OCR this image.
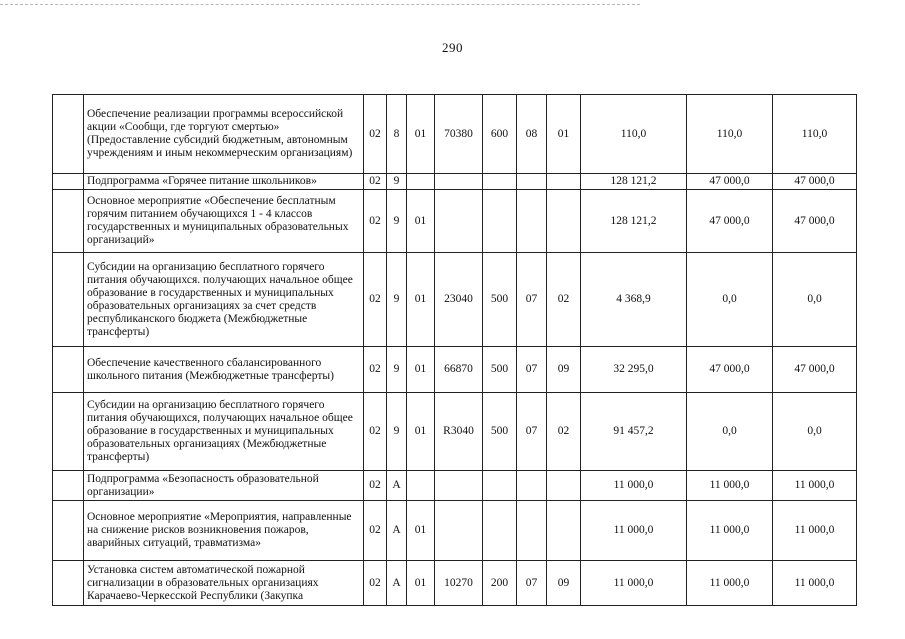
290
	Обеспечение реализации программы всероссийской акции «Сообщи, где торгуют смертью» (Предоставление субсидий бюджетным, автономным учреждениям и иным некоммерческим организациям)	02	8	01	70380	600	08	01	110,0	110,0	110,0
	Подпрограмма «Горячее питание школьников»	02	9						128 121,2	47 000,0	47 000,0
	Основное мероприятие «Обеспечение бесплатным горячим питанием обучающихся 1 - 4 классов государственных и муниципальных образовательных организаций»	02	9	01					128 121,2	47 000,0	47 000,0
	Субсидии на организацию бесплатного горячего питания обучающихся. получающих начальное общее образование в государственных и муниципальных образовательных организациях за счет средств республиканского бюджета (Межбюджетные трансферты)	02	9	01	23040	500	07	02	4 368,9	0,0	0,0
	Обеспечение качественного сбалансированного школьного питания (Межбюджетные трансферты)	02	9	01	66870	500	07	09	32 295,0	47 000,0	47 000,0
	Субсидии на организацию бесплатного горячего питания обучающихся, получающих начальное общее образование в государственных и муниципальных образовательных организациях (Межбюджетные трансферты)	02	9	01	R3040	500	07	02	91 457,2	0,0	0,0
	Подпрограмма «Безопасность образовательной организации»	02	А						11 000,0	11 000,0	11 000,0
	Основное мероприятие «Мероприятия, направленные на снижение рисков возникновения пожаров, аварийных ситуаций, травматизма»	02	А	01					11 000,0	11 000,0	11 000,0
	Установка систем автоматической пожарной сигнализации в образовательных организациях Карачаево-Черкесской Республики (Закупка	02	А	01	10270	200	07	09	11 000,0	11 000,0	11 000,0
